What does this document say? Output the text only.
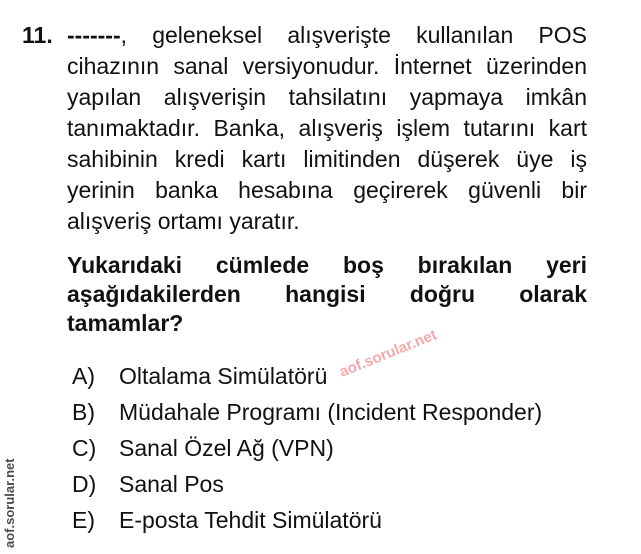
11. -------, geleneksel alışverişte kullanılan POS cihazının sanal versiyonudur. İnternet üzerinden yapılan alışverişin tahsilatını yapmaya imkân tanımaktadır. Banka, alışveriş işlem tutarını kart sahibinin kredi kartı limitinden düşerek üye iş yerinin banka hesabına geçirerek güvenli bir alışveriş ortamı yaratır.
Yukarıdaki cümlede boş bırakılan yeri aşağıdakilerden hangisi doğru olarak tamamlar?
aof.sorular.net
A)	Oltalama Simülatörü
B)	Müdahale Programı (Incident Responder)
C) Sanal Özel Ağ (VPN)
D) Sanal Pos
E)	E-posta Tehdit Simülatörü
aof.sorular.net
